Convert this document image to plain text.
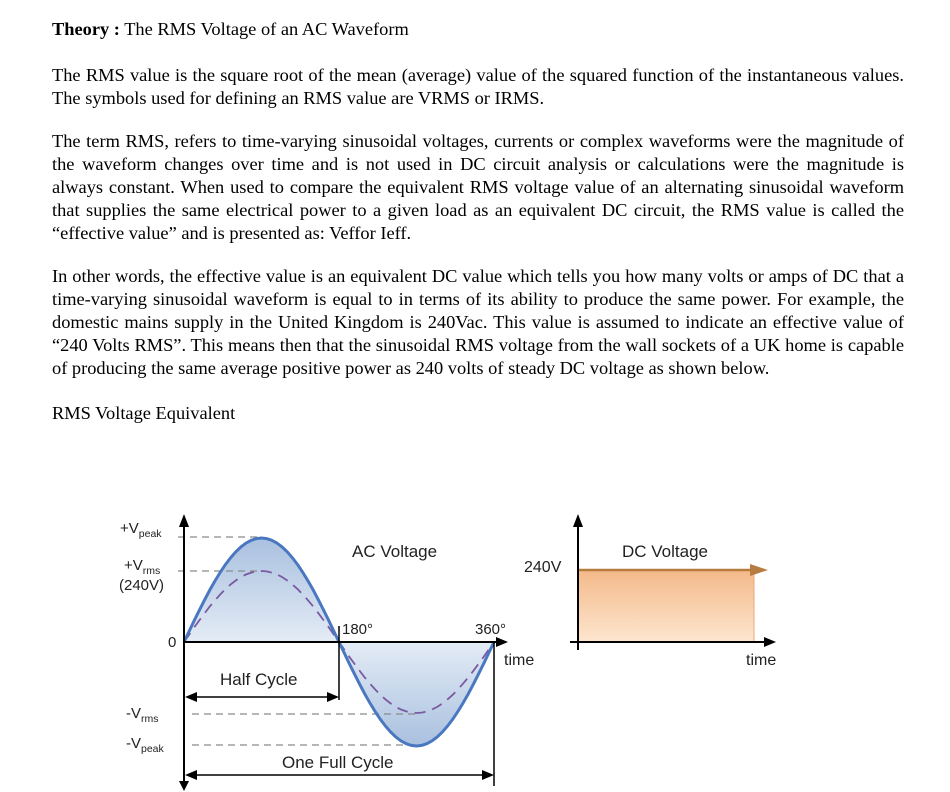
Theory : The RMS Voltage of an AC Waveform

The RMS value is the square root of the mean (average) value of the squared function of the instantaneous values. The symbols used for defining an RMS value are VRMS or IRMS.

The term RMS, refers to time-varying sinusoidal voltages, currents or complex waveforms were the magnitude of the waveform changes over time and is not used in DC circuit analysis or calculations were the magnitude is always constant. When used to compare the equivalent RMS voltage value of an alternating sinusoidal waveform that supplies the same electrical power to a given load as an equivalent DC circuit, the RMS value is called the “effective value” and is presented as: Veffor Ieff.

In other words, the effective value is an equivalent DC value which tells you how many volts or amps of DC that a time-varying sinusoidal waveform is equal to in terms of its ability to produce the same power. For example, the domestic mains supply in the United Kingdom is 240Vac. This value is assumed to indicate an effective value of “240 Volts RMS”. This means then that the sinusoidal RMS voltage from the wall sockets of a UK home is capable of producing the same average positive power as 240 volts of steady DC voltage as shown below.

RMS Voltage Equivalent

$+V_{peak}$
$+V_{rms}$
(240V)
0
$-V_{rms}$
$-V_{peak}$
AC Voltage
180°	360°
time
Half Cycle
One Full Cycle
DC Voltage
240V
time
